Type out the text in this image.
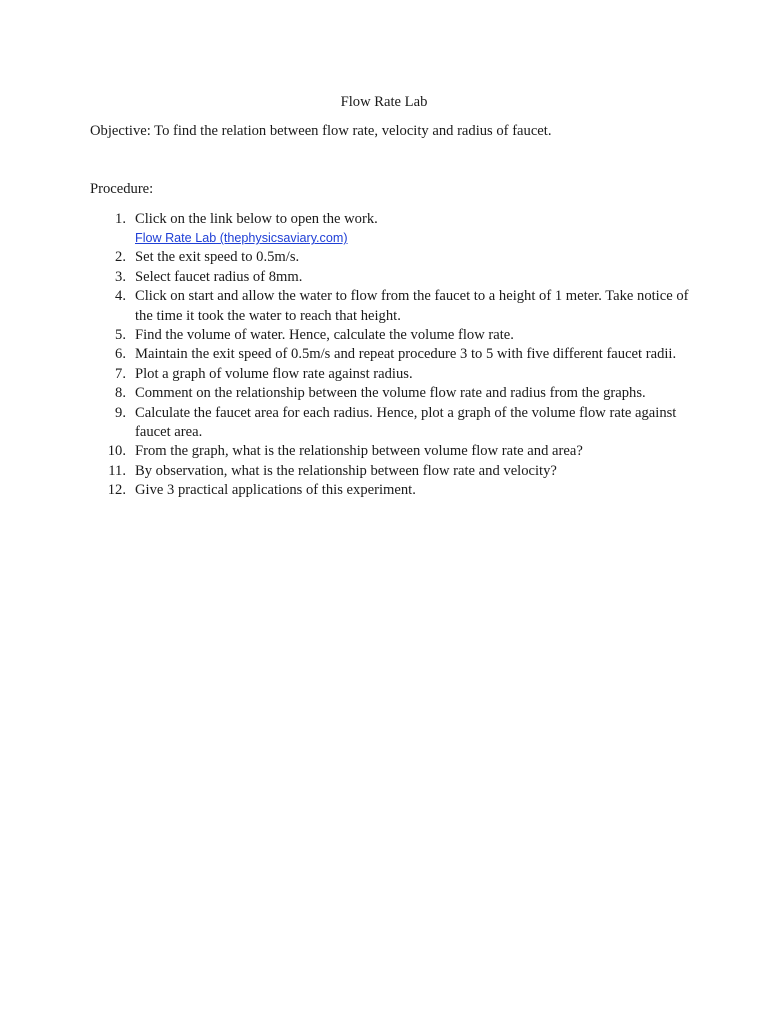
Flow Rate Lab
Objective: To find the relation between flow rate, velocity and radius of faucet.
Procedure:
1. Click on the link below to open the work.
Flow Rate Lab (thephysicsaviary.com)
2. Set the exit speed to 0.5m/s.
3. Select faucet radius of 8mm.
4. Click on start and allow the water to flow from the faucet to a height of 1 meter. Take notice of the time it took the water to reach that height.
5. Find the volume of water. Hence, calculate the volume flow rate.
6. Maintain the exit speed of 0.5m/s and repeat procedure 3 to 5 with five different faucet radii.
7. Plot a graph of volume flow rate against radius.
8. Comment on the relationship between the volume flow rate and radius from the graphs.
9. Calculate the faucet area for each radius. Hence, plot a graph of the volume flow rate against faucet area.
10. From the graph, what is the relationship between volume flow rate and area?
11. By observation, what is the relationship between flow rate and velocity?
12. Give 3 practical applications of this experiment.
